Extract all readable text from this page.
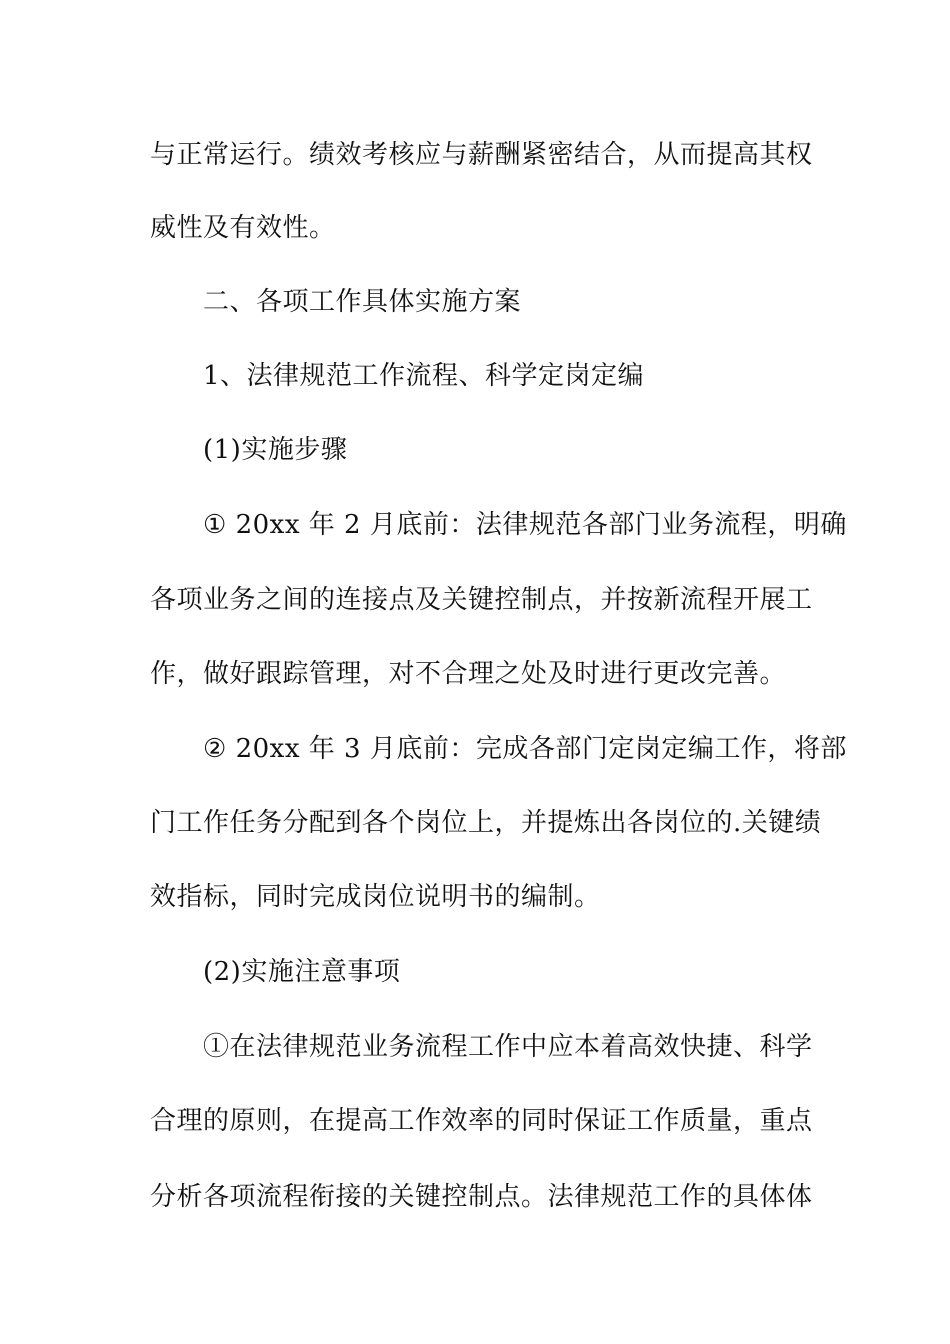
与正常运行。绩效考核应与薪酬紧密结合，从而提高其权
威性及有效性。
二、各项工作具体实施方案
1、法律规范工作流程、科学定岗定编
(1)实施步骤
① 20xx 年 2 月底前：法律规范各部门业务流程，明确
各项业务之间的连接点及关键控制点，并按新流程开展工
作，做好跟踪管理，对不合理之处及时进行更改完善。
② 20xx 年 3 月底前：完成各部门定岗定编工作，将部
门工作任务分配到各个岗位上，并提炼出各岗位的.关键绩
效指标，同时完成岗位说明书的编制。
(2)实施注意事项
①在法律规范业务流程工作中应本着高效快捷、科学
合理的原则，在提高工作效率的同时保证工作质量，重点
分析各项流程衔接的关键控制点。法律规范工作的具体体
